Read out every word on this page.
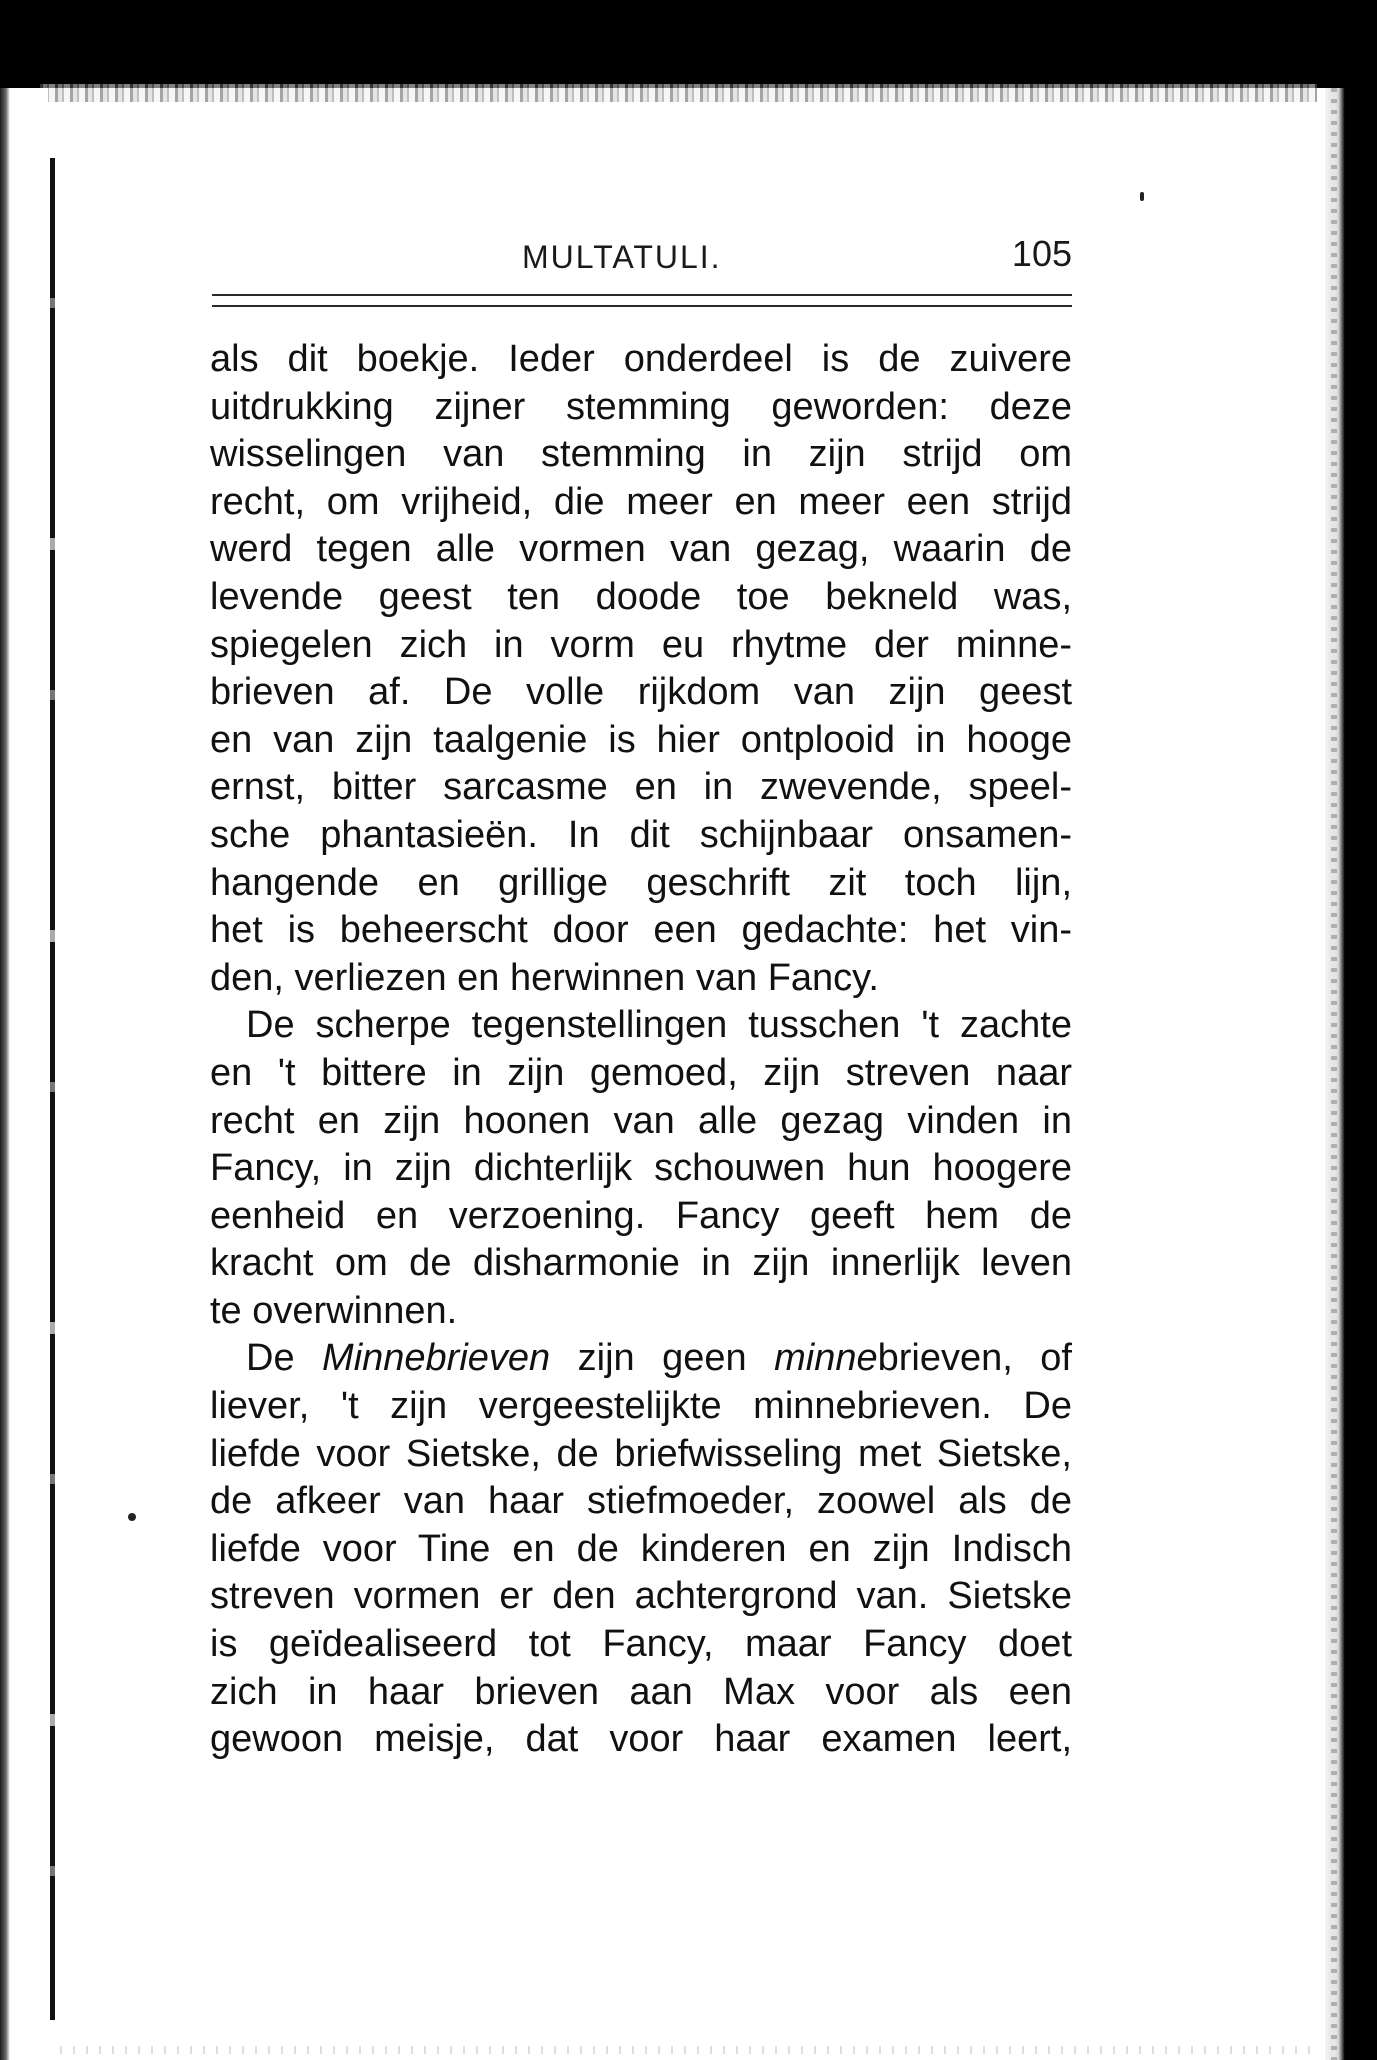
MULTATULI.	105
als dit boekje. Ieder onderdeel is de zuivere
uitdrukking zijner stemming geworden: deze
wisselingen van stemming in zijn strijd om
recht, om vrijheid, die meer en meer een strijd
werd tegen alle vormen van gezag, waarin de
levende geest ten doode toe bekneld was,
spiegelen zich in vorm eu rhytme der minne-
brieven af. De volle rijkdom van zijn geest
en van zijn taalgenie is hier ontplooid in hooge
ernst, bitter sarcasme en in zwevende, speel-
sche phantasieën. In dit schijnbaar onsamen-
hangende en grillige geschrift zit toch lijn,
het is beheerscht door een gedachte: het vin-
den, verliezen en herwinnen van Fancy.
De scherpe tegenstellingen tusschen 't zachte
en 't bittere in zijn gemoed, zijn streven naar
recht en zijn hoonen van alle gezag vinden in
Fancy, in zijn dichterlijk schouwen hun hoogere
eenheid en verzoening. Fancy geeft hem de
kracht om de disharmonie in zijn innerlijk leven
te overwinnen.
De Minnebrieven zijn geen minnebrieven, of
liever, 't zijn vergeestelijkte minnebrieven. De
liefde voor Sietske, de briefwisseling met Sietske,
de afkeer van haar stiefmoeder, zoowel als de
liefde voor Tine en de kinderen en zijn Indisch
streven vormen er den achtergrond van. Sietske
is geïdealiseerd tot Fancy, maar Fancy doet
zich in haar brieven aan Max voor als een
gewoon meisje, dat voor haar examen leert,
